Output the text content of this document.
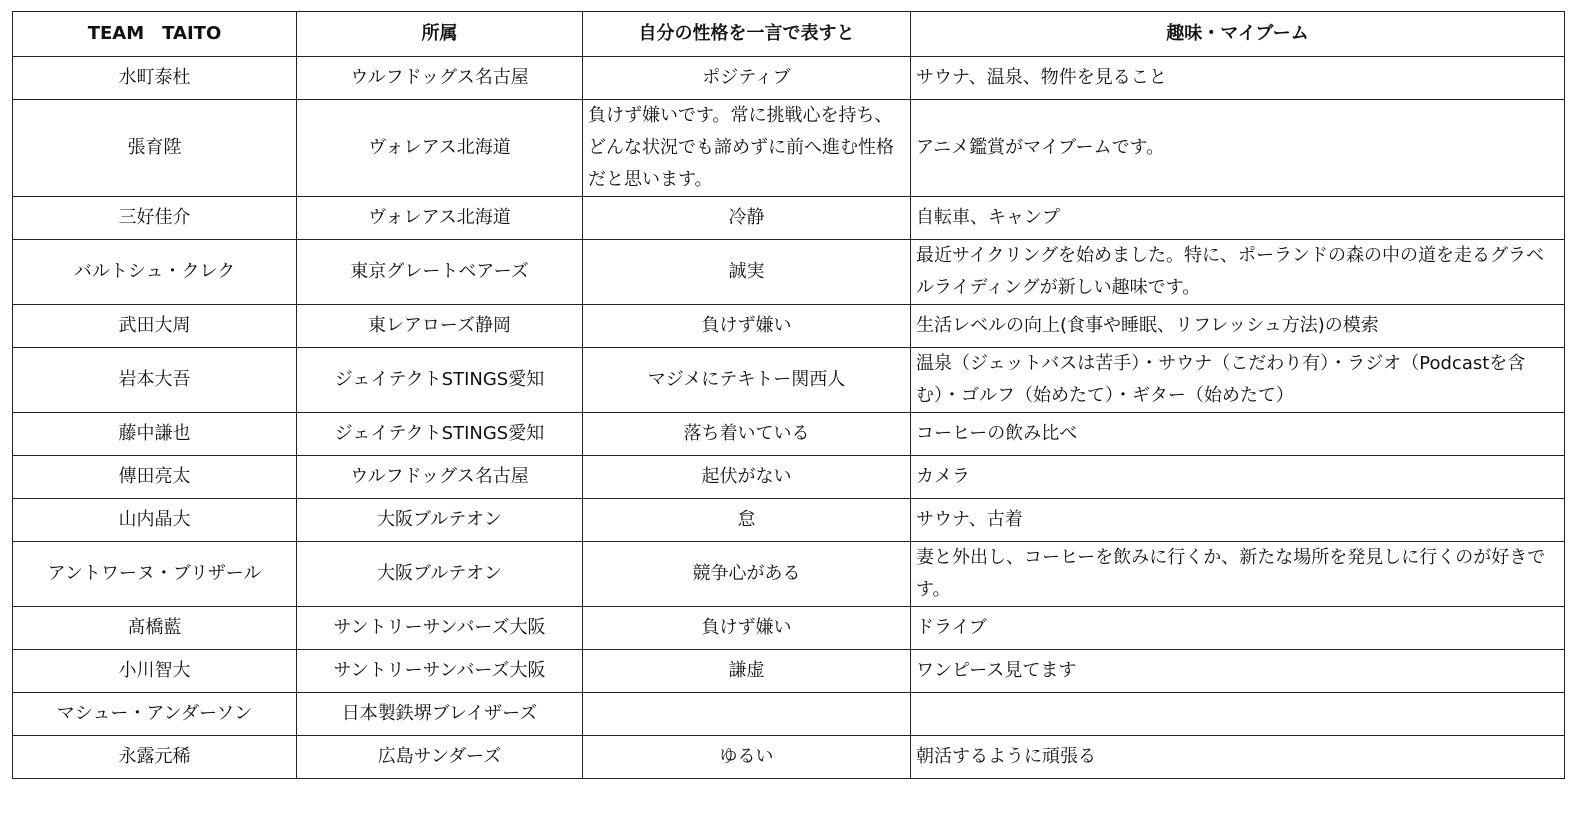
TEAM　TAITO	所属	自分の性格を一言で表すと	趣味・マイブーム
水町泰杜	ウルフドッグス名古屋	ポジティブ	サウナ、温泉、物件を見ること
張育陞	ヴォレアス北海道	負けず嫌いです。常に挑戦心を持ち、どんな状況でも諦めずに前へ進む性格だと思います。	アニメ鑑賞がマイブームです。
三好佳介	ヴォレアス北海道	冷静	自転車、キャンプ
バルトシュ・クレク	東京グレートベアーズ	誠実	最近サイクリングを始めました。特に、ポーランドの森の中の道を走るグラベルライディングが新しい趣味です。

武田大周	東レアローズ静岡	負けず嫌い	生活レベルの向上(食事や睡眠、リフレッシュ方法)の模索
岩本大吾	ジェイテクトSTINGS愛知	マジメにテキトー関西人	温泉（ジェットバスは苦手）・サウナ（こだわり有）・ラジオ（Podcastを含む）・ゴルフ（始めたて）・ギター（始めたて）

藤中謙也	ジェイテクトSTINGS愛知	落ち着いている	コーヒーの飲み比べ
傳田亮太	ウルフドッグス名古屋	起伏がない	カメラ
山内晶大	大阪ブルテオン	怠	サウナ、古着
アントワーヌ・ブリザール	大阪ブルテオン	競争心がある	妻と外出し、コーヒーを飲みに行くか、新たな場所を発見しに行くのが好きです。

髙橋藍	サントリーサンバーズ大阪	負けず嫌い	ドライブ
小川智大	サントリーサンバーズ大阪	謙虚	ワンピース見てます
マシュー・アンダーソン	日本製鉄堺ブレイザーズ		
永露元稀	広島サンダーズ	ゆるい	朝活するように頑張る
